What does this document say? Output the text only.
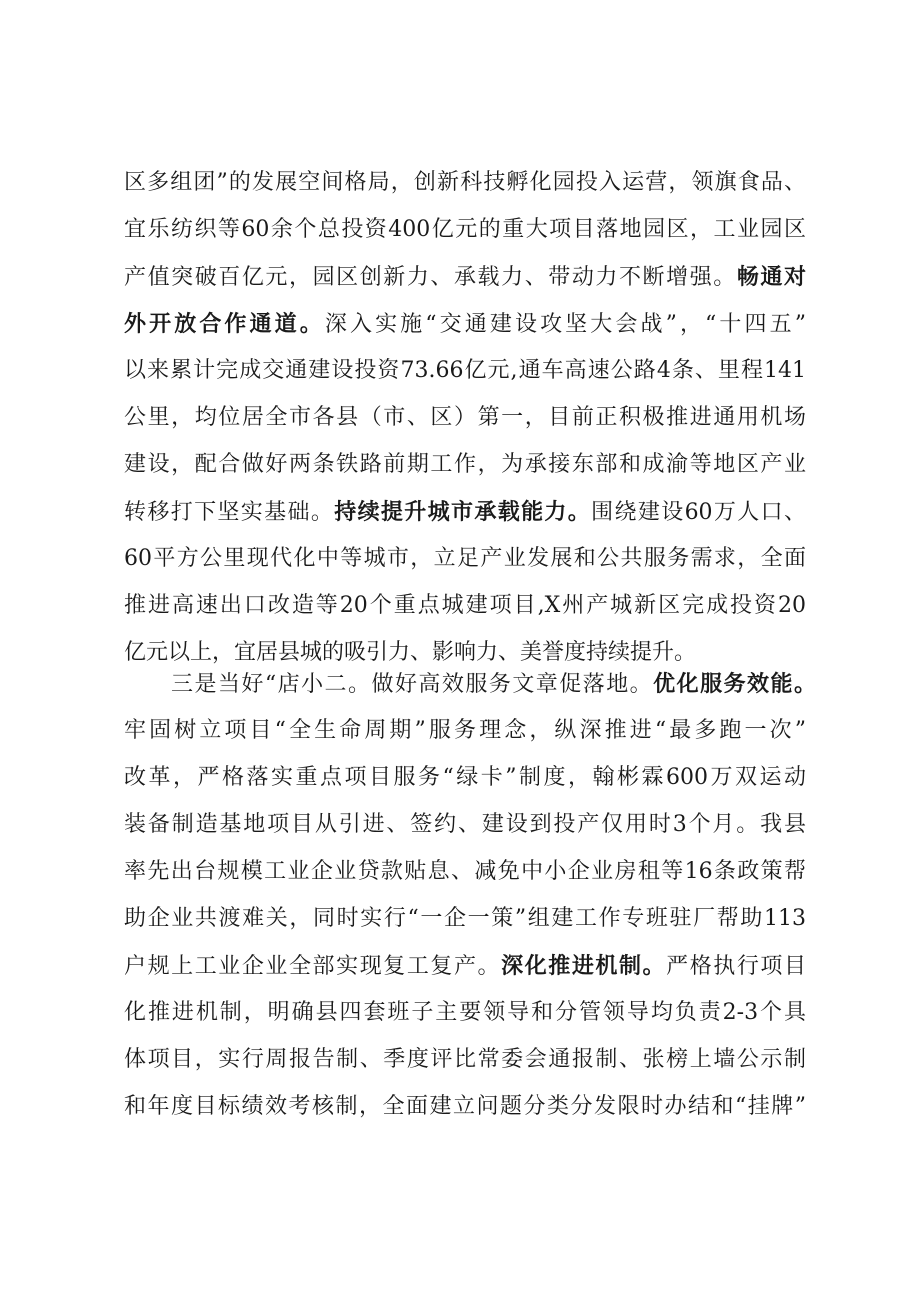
区多组团”的发展空间格局，创新科技孵化园投入运营，领旗食品、
宜乐纺织等60余个总投资400亿元的重大项目落地园区，工业园区
产值突破百亿元，园区创新力、承载力、带动力不断增强。畅通对
外开放合作通道。深入实施“交通建设攻坚大会战”，“十四五”
以来累计完成交通建设投资73.66亿元,通车高速公路4条、里程141
公里，均位居全市各县（市、区）第一，目前正积极推进通用机场
建设，配合做好两条铁路前期工作，为承接东部和成渝等地区产业
转移打下坚实基础。持续提升城市承载能力。围绕建设60万人口、
60平方公里现代化中等城市，立足产业发展和公共服务需求，全面
推进高速出口改造等20个重点城建项目,X州产城新区完成投资20
亿元以上，宜居县城的吸引力、影响力、美誉度持续提升。
三是当好“店小二。做好高效服务文章促落地。优化服务效能。
牢固树立项目“全生命周期”服务理念，纵深推进“最多跑一次”
改革，严格落实重点项目服务“绿卡”制度，翰彬霖600万双运动
装备制造基地项目从引进、签约、建设到投产仅用时3个月。我县
率先出台规模工业企业贷款贴息、减免中小企业房租等16条政策帮
助企业共渡难关，同时实行“一企一策”组建工作专班驻厂帮助113
户规上工业企业全部实现复工复产。深化推进机制。严格执行项目
化推进机制，明确县四套班子主要领导和分管领导均负责2-3个具
体项目，实行周报告制、季度评比常委会通报制、张榜上墙公示制
和年度目标绩效考核制，全面建立问题分类分发限时办结和“挂牌”
